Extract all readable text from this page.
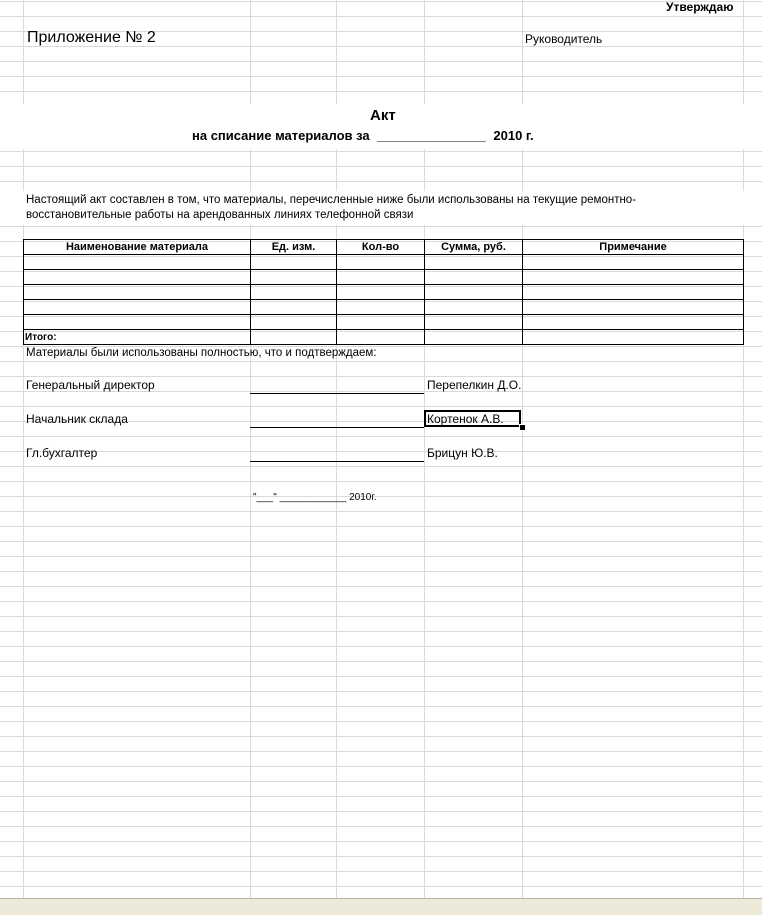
Утверждаю
Приложение № 2	Руководитель
Акт
на списание материалов за _______________ 2010 г.
Настоящий акт составлен в том, что материалы, перечисленные ниже были использованы на текущие ремонтно-
восстановительные работы на арендованных линиях телефонной связи
Наименование материала	Ед. изм.	Кол-во	Сумма, руб.	Примечание
Итого:
Материалы были использованы полностью, что и подтверждаем:
Генеральный директор	Перепелкин Д.О.
Начальник склада	Кортенок А.В.
Гл.бухгалтер	Брицун Ю.В.
"___" ____________ 2010г.
